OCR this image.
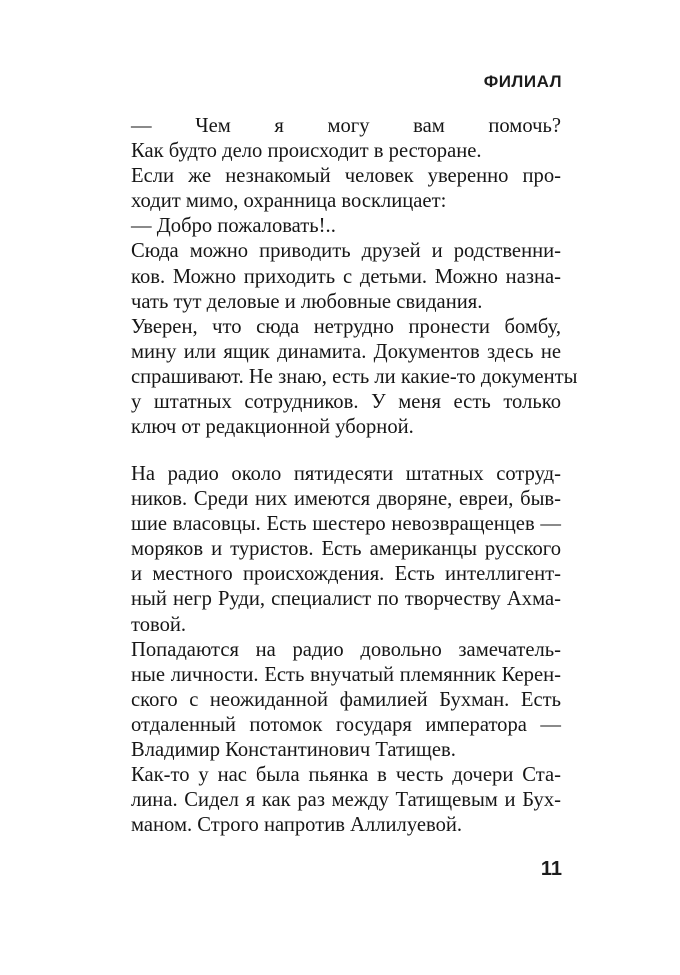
ФИЛИАЛ
— Чем я могу вам помочь?
Как будто дело происходит в ресторане.
Если же незнакомый человек уверенно про-
ходит мимо, охранница восклицает:
— Добро пожаловать!..
Сюда можно приводить друзей и родственни-
ков. Можно приходить с детьми. Можно назна-
чать тут деловые и любовные свидания.
Уверен, что сюда нетрудно пронести бомбу,
мину или ящик динамита. Документов здесь не
спрашивают. Не знаю, есть ли какие-то документы
у штатных сотрудников. У меня есть только
ключ от редакционной уборной.
На радио около пятидесяти штатных сотруд-
ников. Среди них имеются дворяне, евреи, быв-
шие власовцы. Есть шестеро невозвращенцев —
моряков и туристов. Есть американцы русского
и местного происхождения. Есть интеллигент-
ный негр Руди, специалист по творчеству Ахма-
товой.
Попадаются на радио довольно замечатель-
ные личности. Есть внучатый племянник Керен-
ского с неожиданной фамилией Бухман. Есть
отдаленный потомок государя императора —
Владимир Константинович Татищев.
Как-то у нас была пьянка в честь дочери Ста-
лина. Сидел я как раз между Татищевым и Бух-
маном. Строго напротив Аллилуевой.
11
